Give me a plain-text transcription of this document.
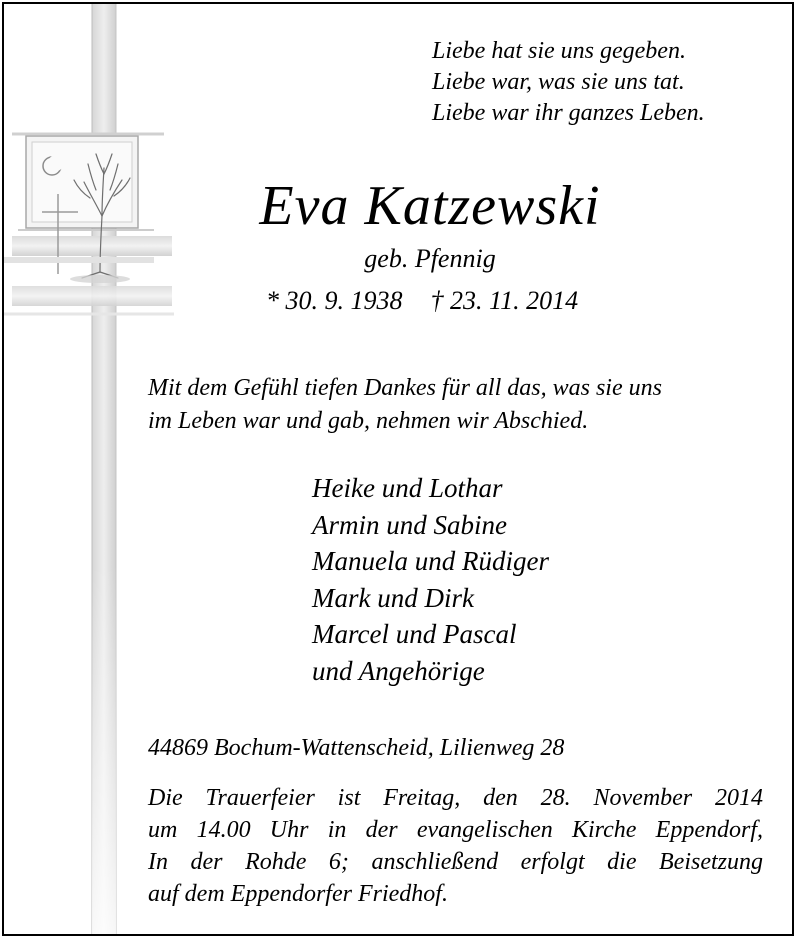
Liebe hat sie uns gegeben.
Liebe war, was sie uns tat.
Liebe war ihr ganzes Leben.
Eva Katzewski
geb. Pfennig
* 30. 9. 1938 † 23. 11. 2014
Mit dem Gefühl tiefen Dankes für all das, was sie uns
im Leben war und gab, nehmen wir Abschied.
Heike und Lothar
Armin und Sabine
Manuela und Rüdiger
Mark und Dirk
Marcel und Pascal
und Angehörige
44869 Bochum-Wattenscheid, Lilienweg 28
Die Trauerfeier ist Freitag, den 28. November 2014
um 14.00 Uhr in der evangelischen Kirche Eppendorf,
In der Rohde 6; anschließend erfolgt die Beisetzung
auf dem Eppendorfer Friedhof.
